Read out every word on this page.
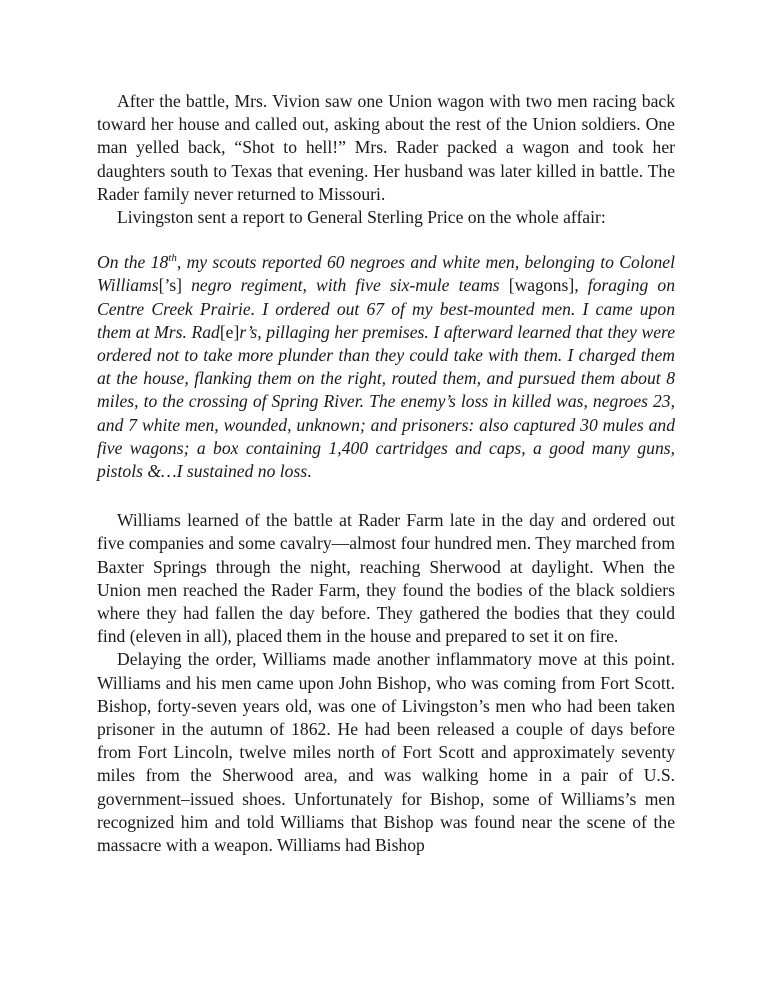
After the battle, Mrs. Vivion saw one Union wagon with two men racing back toward her house and called out, asking about the rest of the Union soldiers. One man yelled back, “Shot to hell!” Mrs. Rader packed a wagon and took her daughters south to Texas that evening. Her husband was later killed in battle. The Rader family never returned to Missouri.

Livingston sent a report to General Sterling Price on the whole affair:

On the 18th, my scouts reported 60 negroes and white men, belonging to Colonel Williams[’s] negro regiment, with five six-mule teams [wagons], foraging on Centre Creek Prairie. I ordered out 67 of my best-mounted men. I came upon them at Mrs. Rad[e]r’s, pillaging her premises. I afterward learned that they were ordered not to take more plunder than they could take with them. I charged them at the house, flanking them on the right, routed them, and pursued them about 8 miles, to the crossing of Spring River. The enemy’s loss in killed was, negroes 23, and 7 white men, wounded, unknown; and prisoners: also captured 30 mules and five wagons; a box containing 1,400 cartridges and caps, a good many guns, pistols &…I sustained no loss.

Williams learned of the battle at Rader Farm late in the day and ordered out five companies and some cavalry—almost four hundred men. They marched from Baxter Springs through the night, reaching Sherwood at daylight. When the Union men reached the Rader Farm, they found the bodies of the black soldiers where they had fallen the day before. They gathered the bodies that they could find (eleven in all), placed them in the house and prepared to set it on fire.

Delaying the order, Williams made another inflammatory move at this point. Williams and his men came upon John Bishop, who was coming from Fort Scott. Bishop, forty-seven years old, was one of Livingston’s men who had been taken prisoner in the autumn of 1862. He had been released a couple of days before from Fort Lincoln, twelve miles north of Fort Scott and approximately seventy miles from the Sherwood area, and was walking home in a pair of U.S. government–issued shoes. Unfortunately for Bishop, some of Williams’s men recognized him and told Williams that Bishop was found near the scene of the massacre with a weapon. Williams had Bishop
